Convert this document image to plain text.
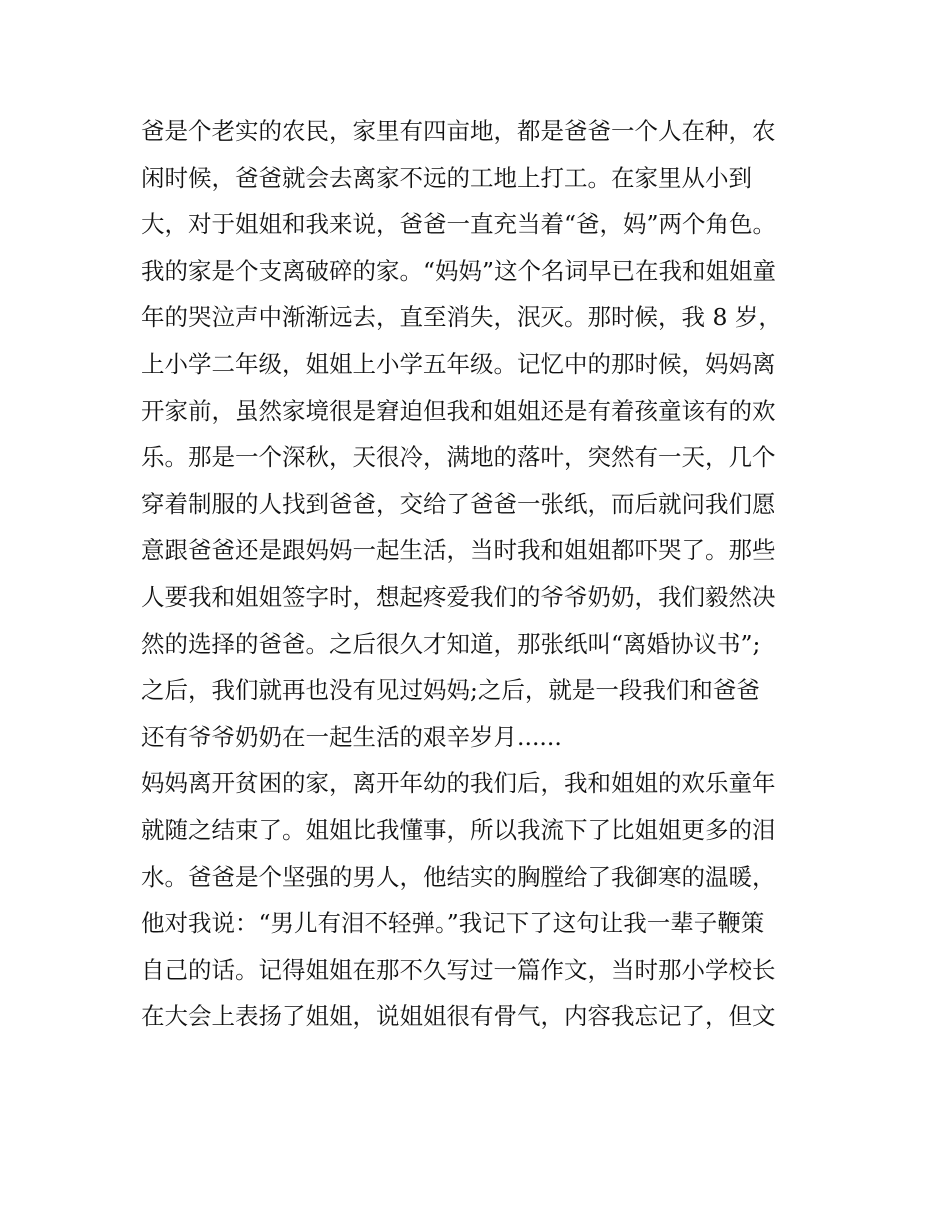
爸是个老实的农民，家里有四亩地，都是爸爸一个人在种，农
闲时候，爸爸就会去离家不远的工地上打工。在家里从小到
大，对于姐姐和我来说，爸爸一直充当着“爸，妈”两个角色。
我的家是个支离破碎的家。“妈妈”这个名词早已在我和姐姐童
年的哭泣声中渐渐远去，直至消失，泯灭。那时候，我 8 岁，
上小学二年级，姐姐上小学五年级。记忆中的那时候，妈妈离
开家前，虽然家境很是窘迫但我和姐姐还是有着孩童该有的欢
乐。那是一个深秋，天很冷，满地的落叶，突然有一天，几个
穿着制服的人找到爸爸，交给了爸爸一张纸，而后就问我们愿
意跟爸爸还是跟妈妈一起生活，当时我和姐姐都吓哭了。那些
人要我和姐姐签字时，想起疼爱我们的爷爷奶奶，我们毅然决
然的选择的爸爸。之后很久才知道，那张纸叫“离婚协议书”;
之后，我们就再也没有见过妈妈;之后，就是一段我们和爸爸
还有爷爷奶奶在一起生活的艰辛岁月......
妈妈离开贫困的家，离开年幼的我们后，我和姐姐的欢乐童年
就随之结束了。姐姐比我懂事，所以我流下了比姐姐更多的泪
水。爸爸是个坚强的男人，他结实的胸膛给了我御寒的温暖，
他对我说：“男儿有泪不轻弹。”我记下了这句让我一辈子鞭策
自己的话。记得姐姐在那不久写过一篇作文，当时那小学校长
在大会上表扬了姐姐，说姐姐很有骨气，内容我忘记了，但文
